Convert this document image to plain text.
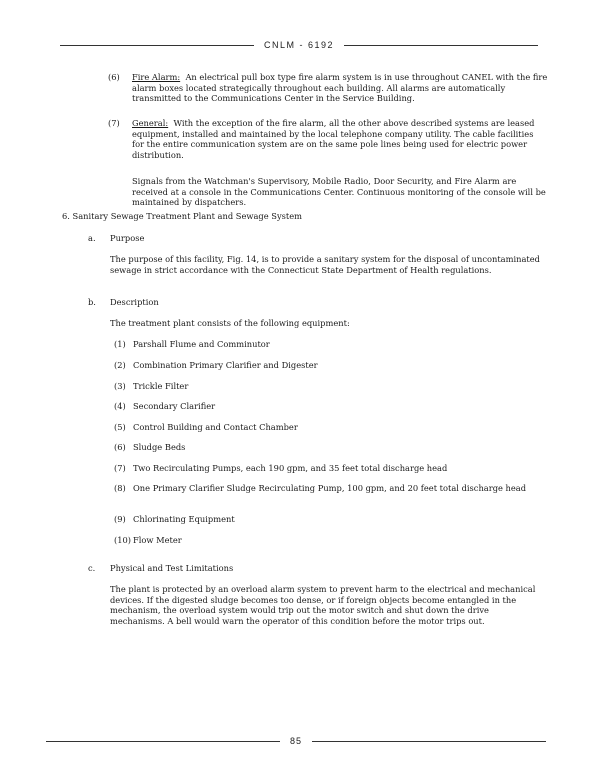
CNLM - 6192
(6)	Fire Alarm: An electrical pull box type fire alarm system is in use throughout CANEL with the fire alarm boxes located strategically throughout each building. All alarms are automatically transmitted to the Communications Center in the Service Building.
(7)	General: With the exception of the fire alarm, all the other above described systems are leased equipment, installed and maintained by the local telephone company utility. The cable facilities for the entire communication system are on the same pole lines being used for electric power distribution.
Signals from the Watchman's Supervisory, Mobile Radio, Door Security, and Fire Alarm are received at a console in the Communications Center. Continuous monitoring of the console will be maintained by dispatchers.
6. Sanitary Sewage Treatment Plant and Sewage System
a.	Purpose
The purpose of this facility, Fig. 14, is to provide a sanitary system for the disposal of uncontaminated sewage in strict accordance with the Connecticut State Department of Health regulations.
b.	Description
The treatment plant consists of the following equipment:
(1) Parshall Flume and Comminutor
(2) Combination Primary Clarifier and Digester
(3) Trickle Filter
(4) Secondary Clarifier
(5) Control Building and Contact Chamber
(6) Sludge Beds
(7) Two Recirculating Pumps, each 190 gpm, and 35 feet total discharge head
(8) One Primary Clarifier Sludge Recirculating Pump, 100 gpm, and 20 feet total discharge head
(9) Chlorinating Equipment
(10) Flow Meter
c.	Physical and Test Limitations
The plant is protected by an overload alarm system to prevent harm to the electrical and mechanical devices. If the digested sludge becomes too dense, or if foreign objects become entangled in the mechanism, the overload system would trip out the motor switch and shut down the drive mechanisms. A bell would warn the operator of this condition before the motor trips out.
85
